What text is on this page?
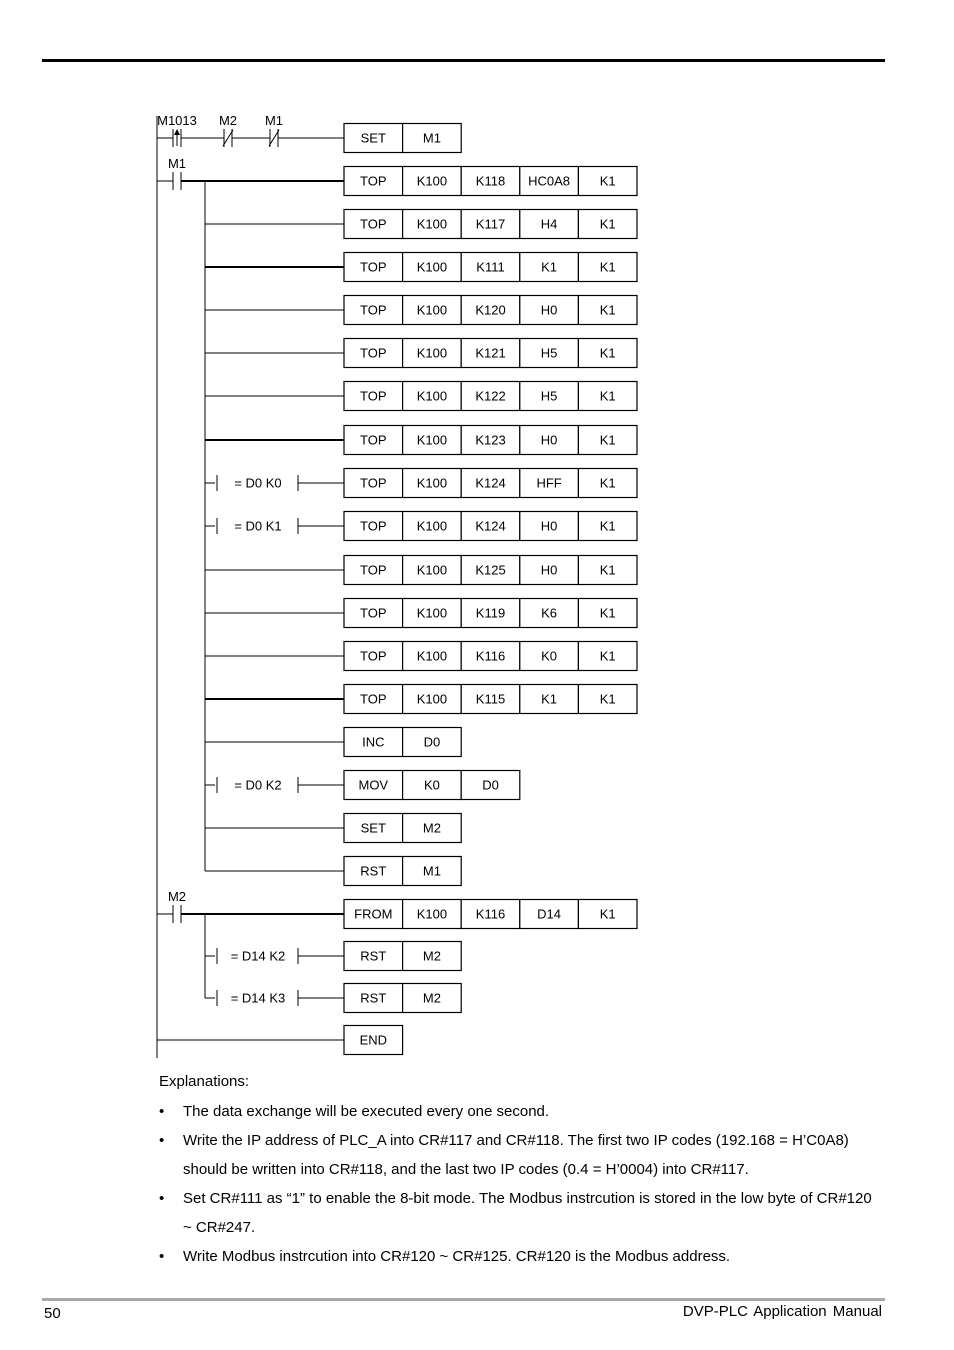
SET	M1
TOP K100 K118 HC0A8 K1
TOP K100 K117	H4	K1
TOP K100 K111	K1	K1
TOP K100 K120	H0	K1
TOP K100 K121	H5	K1
TOP K100 K122	H5	K1
TOP K100 K123	H0	K1
TOP K100 K124 HFF	K1
TOP K100 K124	H0	K1
TOP K100 K125	H0	K1
TOP K100 K119	K6	K1
TOP K100 K116	K0	K1
TOP K100 K115	K1	K1
INC	D0
MOV	K0	D0
SET	M2
RST	M1
FROM K100 K116 D14	K1
RST	M2
RST	M2
END
M1013 M2 M1
M1
= D0 K0
= D0 K1
= D0 K2
M2
= D14 K2
= D14 K3

Explanations:

• The data exchange will be executed every one second.
• Write the IP address of PLC_A into CR#117 and CR#118. The first two IP codes (192.168 = H’C0A8) should be written into CR#118, and the last two IP codes (0.4 = H’0004) into CR#117.
• Set CR#111 as “1” to enable the 8-bit mode. The Modbus instrcution is stored in the low byte of CR#120 ~ CR#247.
• Write Modbus instrcution into CR#120 ~ CR#125. CR#120 is the Modbus address.
50	DVP-PLC Application Manual
